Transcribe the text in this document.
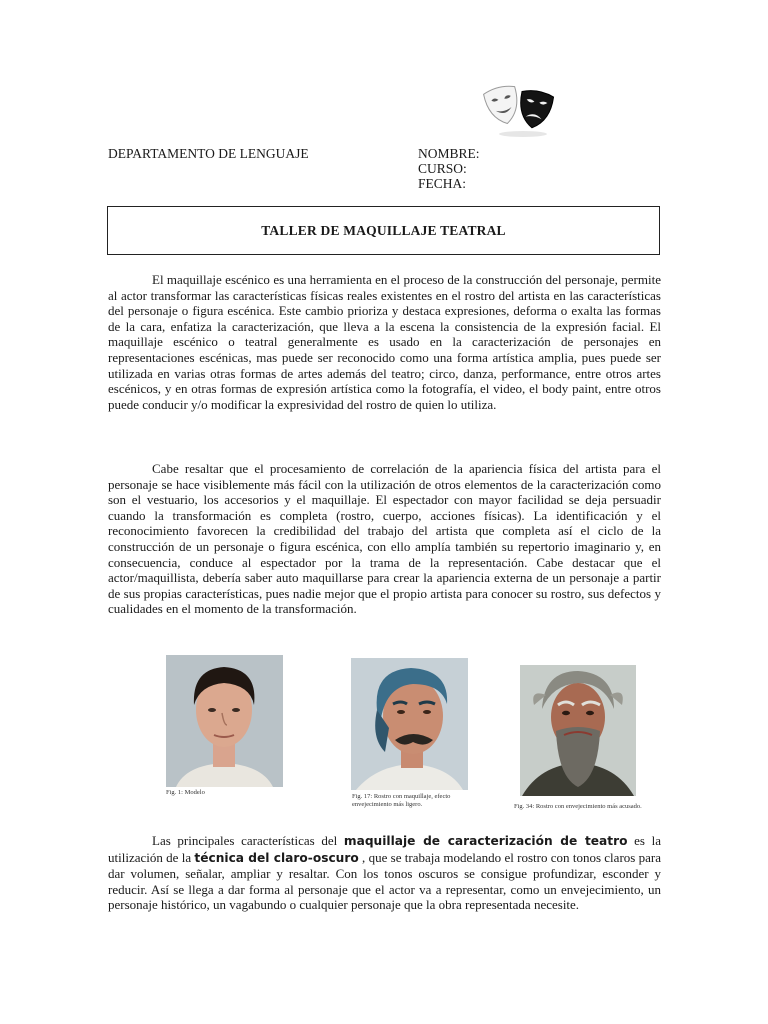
DEPARTAMENTO DE LENGUAJE	NOMBRE:
CURSO:
FECHA:
TALLER DE MAQUILLAJE TEATRAL

El maquillaje escénico es una herramienta en el proceso de la construcción del personaje, permite al actor transformar las características físicas reales existentes en el rostro del artista en las características del personaje o figura escénica. Este cambio prioriza y destaca expresiones, deforma o exalta las formas de la cara, enfatiza la caracterización, que lleva a la escena la consistencia de la expresión facial. El maquillaje escénico o teatral generalmente es usado en la caracterización de personajes en representaciones escénicas, mas puede ser reconocido como una forma artística amplia, pues puede ser utilizada en varias otras formas de artes además del teatro; circo, danza, performance, entre otros artes escénicos, y en otras formas de expresión artística como la fotografía, el video, el body paint, entre otros puede conducir y/o modificar la expresividad del rostro de quien lo utiliza.

Cabe resaltar que el procesamiento de correlación de la apariencia física del artista para el personaje se hace visiblemente más fácil con la utilización de otros elementos de la caracterización como son el vestuario, los accesorios y el maquillaje. El espectador con mayor facilidad se deja persuadir cuando la transformación es completa (rostro, cuerpo, acciones físicas). La identificación y el reconocimiento favorecen la credibilidad del trabajo del artista que completa así el ciclo de la construcción de un personaje o figura escénica, con ello amplía también su repertorio imaginario y, en consecuencia, conduce al espectador por la trama de la representación. Cabe destacar que el actor/maquillista, debería saber auto maquillarse para crear la apariencia externa de un personaje a partir de sus propias características, pues nadie mejor que el propio artista para conocer su rostro, sus defectos y cualidades en el momento de la transformación.

Fig. 1: Modelo
Fig. 17: Rostro con maquillaje, efecto envejecimiento más ligero.	Fig. 34: Rostro con envejecimiento más acusado.

Las principales características del maquillaje de caracterización de teatro es la utilización de la técnica del claro-oscuro , que se trabaja modelando el rostro con tonos claros para dar volumen, señalar, ampliar y resaltar. Con los tonos oscuros se consigue profundizar, esconder y reducir. Así se llega a dar forma al personaje que el actor va a representar, como un envejecimiento, un personaje histórico, un vagabundo o cualquier personaje que la obra representada necesite.
